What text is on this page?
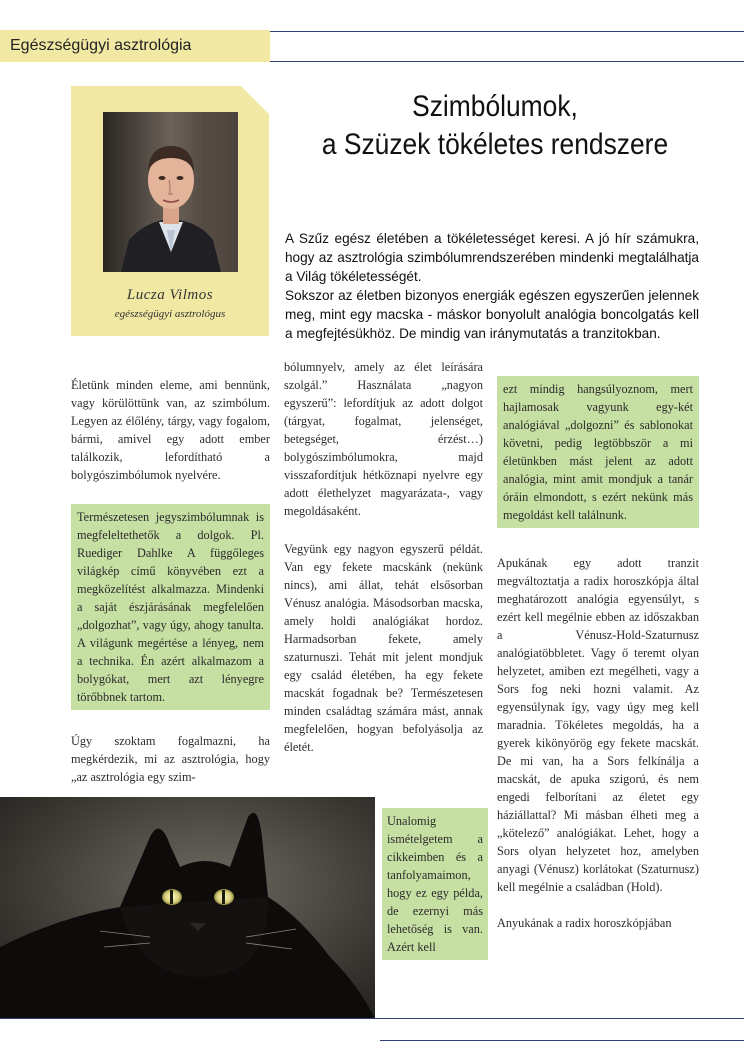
Egészségügyi asztrológia
Lucza Vilmos
egészségügyi asztrológus
Szimbólumok,
a Szüzek tökéletes rendszere

A Szűz egész életében a tökéletességet keresi. A jó hír számukra, hogy az asztrológia szimbólumrendszerében mindenki megtalálhatja a Világ tökéletességét.

Sokszor az életben bizonyos energiák egészen egyszerűen jelennek meg, mint egy macska - máskor bonyolult analógia boncolgatás kell a megfejtésükhöz. De mindig van iránymutatás a tranzitokban.

Életünk minden eleme, ami bennünk, vagy körülöttünk van, az szimbólum. Legyen az élőlény, tárgy, vagy fogalom, bármi, amivel egy adott ember találkozik, lefordítható a bolygószimbólumok nyelvére.

Természetesen jegyszimbólumnak is megfeleltethetők a dolgok. Pl. Ruediger Dahlke A függőleges világkép című könyvében ezt a megközelítést alkalmazza. Mindenki a saját észjárásának megfelelően „dolgozhat”, vagy úgy, ahogy tanulta. A világunk megértése a lényeg, nem a technika. Én azért alkalmazom a bolygókat, mert azt lényegre törőbbnek tartom.

Úgy szoktam fogalmazni, ha megkérdezik, mi az asztrológia, hogy „az asztrológia egy szim-

bólumnyelv, amely az élet leírására szolgál.” Használata „nagyon egyszerű”: lefordítjuk az adott dolgot (tárgyat, fogalmat, jelenséget, betegséget, érzést…) bolygószimbólumokra, majd visszafordítjuk hétköznapi nyelvre egy adott élethelyzet magyarázata-, vagy megoldásaként.

Vegyünk egy nagyon egyszerű példát. Van egy fekete macskánk (nekünk nincs), ami állat, tehát elsősorban Vénusz analógia. Másodsorban macska, amely holdi analógiákat hordoz. Harmadsorban fekete, amely szaturnuszi. Tehát mit jelent mondjuk egy család életében, ha egy fekete macskát fogadnak be? Természetesen minden családtag számára mást, annak megfelelően, hogyan befolyásolja az életét.

ezt mindig hangsúlyoznom, mert hajlamosak vagyunk egy-két analógiával „dolgozni” és sablonokat követni, pedig legtöbbször a mi életünkben mást jelent az adott analógia, mint amit mondjuk a tanár óráin elmondott, s ezért nekünk más megoldást kell találnunk.

Apukának egy adott tranzit megváltoztatja a radix horoszkópja által meghatározott analógia egyensúlyt, s ezért kell megélnie ebben az időszakban a Vénusz-Hold-Szaturnusz analógiatöbbletet. Vagy ő teremt olyan helyzetet, amiben ezt megélheti, vagy a Sors fog neki hozni valamit. Az egyensúlynak így, vagy úgy meg kell maradnia. Tökéletes megoldás, ha a gyerek kikönyörög egy fekete macskát. De mi van, ha a Sors felkínálja a macskát, de apuka szigorú, és nem engedi felborítani az életet egy háziállattal? Mi másban élheti meg a „kötelező” analógiákat. Lehet, hogy a Sors olyan helyzetet hoz, amelyben anyagi (Vénusz) korlátokat (Szaturnusz) kell megélnie a családban (Hold).

Anyukának a radix horoszkópjában

Unalomig ismételgetem a cikkeimben és a tanfolyamaimon, hogy ez egy példa, de ezernyi más lehetőség is van. Azért kell
